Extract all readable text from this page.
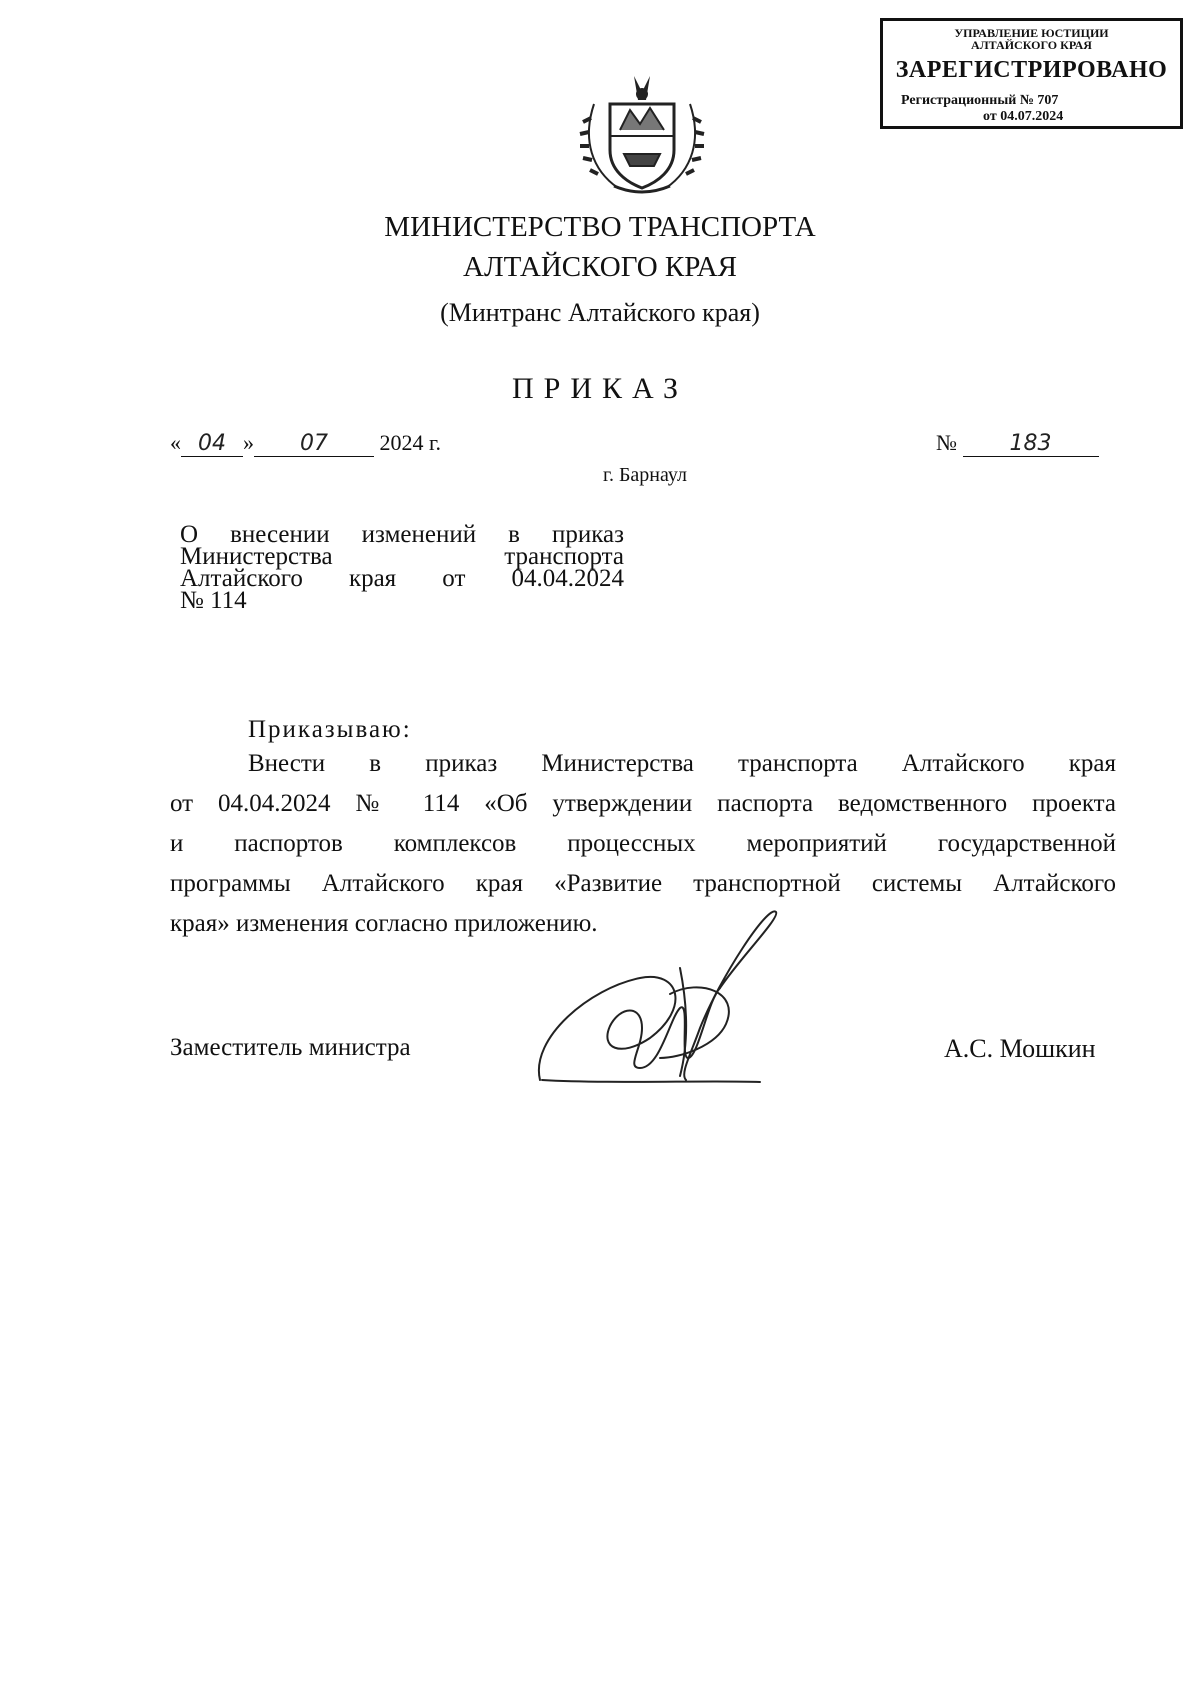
УПРАВЛЕНИЕ ЮСТИЦИИ
АЛТАЙСКОГО КРАЯ
ЗАРЕГИСТРИРОВАНО
Регистрационный № 707
от 04.07.2024
МИНИСТЕРСТВО ТРАНСПОРТА
АЛТАЙСКОГО КРАЯ
(Минтранс Алтайского края)
ПРИКАЗ
« 04 » 07 2024 г.	№ 183
г. Барнаул
О внесении изменений в приказ
Министерства транспорта
Алтайского края от 04.04.2024
№ 114
Приказываю:
Внести в приказ Министерства транспорта Алтайского края
от 04.04.2024 № 114 «Об утверждении паспорта ведомственного проекта
и паспортов комплексов процессных мероприятий государственной
программы Алтайского края «Развитие транспортной системы Алтайского
края» изменения согласно приложению.
Заместитель министра	А.С. Мошкин
